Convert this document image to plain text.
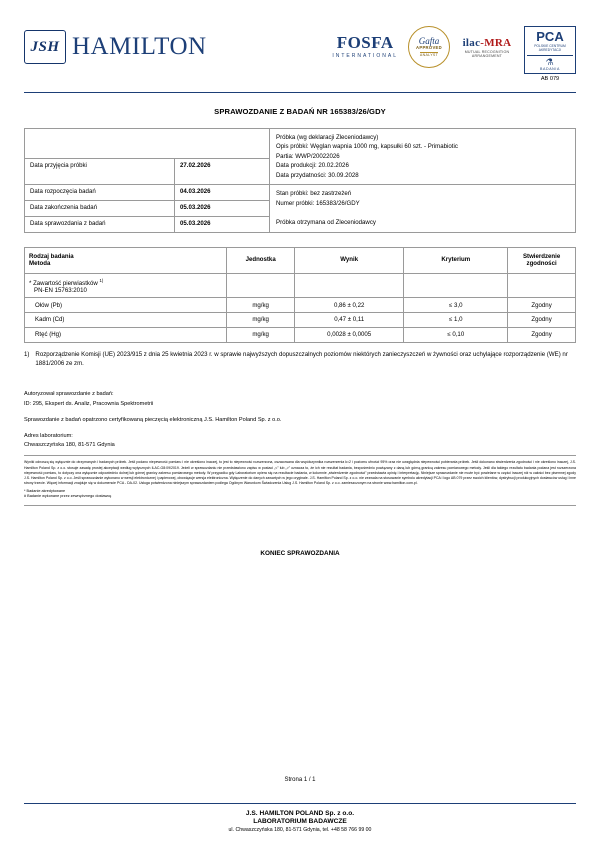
JSH HAMILTON	FOSFA
INTERNATIONAL
Gafta
APPROVED
ANALYST
ilac-MRA
MUTUAL RECOGNITION ARRANGEMENT
PCA
POLSKIE CENTRUM AKREDYTACJI
⚗
BADANIA
AB 079
SPRAWOZDANIE Z BADAŃ NR 165383/26/GDY

		Próbka (wg deklaracji Zleceniodawcy)
Opis próbki: Węglan wapnia 1000 mg, kapsułki 60 szt. - Primabiotic
Partia: WWP/20022026
Data produkcji: 20.02.2026
Data przydatności: 30.09.2028

Data przyjęcia próbki	27.02.2026	
Data rozpoczęcia badań	04.03.2026	Stan próbki: bez zastrzeżeń
Numer próbki: 165383/26/GDY
Próbka otrzymana od Zleceniodawcy

Data zakończenia badań	05.03.2026	
Data sprawozdania z badań	05.03.2026	
Rodzaj badania
Metoda
	Jednostka	Wynik	Kryterium	
Stwierdzenie
zgodności

* Zawartość pierwiastków $^{1)}$
PN-EN 15763:2010				

Ołów (Pb)	mg/kg	0,86 ± 0,22	≤ 3,0	Zgodny
Kadm (Cd)	mg/kg	0,47 ± 0,11	≤ 1,0	Zgodny
Rtęć (Hg)	mg/kg	0,0028 ± 0,0005	≤ 0,10	Zgodny
1) Rozporządzenie Komisji (UE) 2023/915 z dnia 25 kwietnia 2023 r. w sprawie najwyższych dopuszczalnych poziomów niektórych zanieczyszczeń w żywności oraz uchylające rozporządzenie (WE) nr 1881/2006 ze zm.
Autoryzował sprawozdanie z badań:
ID: 295, Ekspert ds. Analiz, Pracownia Spektrometrii
Sprawozdanie z badań opatrzono certyfikowaną pieczęcią elektroniczną J.S. Hamilton Poland Sp. z o.o.
Adres laboratorium:
Chwaszczyńska 180, 81-571 Gdynia
Wyniki odnoszą się wyłącznie do otrzymanych i badanych próbek. Jeśli podano niepewność pomiaru i nie określono inaczej, to jest to niepewność rozszerzona, oszacowana dla współczynnika rozszerzenia k=2 i poziomu ufności 95% oraz nie uwzględnia niepewności pobierania próbek. Jeśli dokonano stwierdzenia zgodności i nie określono inaczej, J.S. Hamilton Poland Sp. z o.o. stosuje zasadę prostej akceptacji według wytycznych ILAC-G8:09/2019. Jeżeli w sprawozdaniu nie przedstawiono zapisu w postaci „<" lub „>" oznacza to, że ich nie rezultat badania, bezpośrednio powiązany z daną lub górną granicą zakresu pomiarowego metody. Jeśli dla takiego rezultatu badania podana jest rozszerzona niepewność pomiaru, to dotyczy ona wyłącznie odpowiednio dolnej lub górnej granicy zakresu pomiarowego metody. W przypadku gdy Laboratorium opiera się na rezultacie badania, w kolumnie „stwierdzenie zgodności" przedstawia opinię i interpretację. Niniejsze sprawozdanie nie może być powielane w części inaczej niż w całości bez pisemnej zgody J.S. Hamilton Poland Sp. z o.o. Jeśli sprawozdanie wykonano w wersji elektronicznej i papierowej, obowiązuje wersja elektroniczna. Wyłączenie do danych zawartych w jego oryginale. J.S. Hamilton Poland Sp. z o.o. nie zezwala na stosowanie symbolu akredytacji PCA i logo AB 079 przez swoich klientów, dystrybucji produkcyjnych dostawców usług i inne strony trzecie. Więcej informacji znajduje się w dokumencie PCA - DA-02. Usługa potwierdzona niniejszym sprawozdaniem podlega Ogólnym Warunkom Świadczenia Usług J.S. Hamilton Poland Sp. z o.o. zamieszczonym na stronie www.hamilton.com.pl.
* Badanie akredytowane
# Badanie wykonane przez zewnętrznego dostawcę
KONIEC SPRAWOZDANIA
Strona 1 / 1
J.S. HAMILTON POLAND Sp. z o.o.
LABORATORIUM BADAWCZE
ul. Chwaszczyńska 180, 81-571 Gdynia, tel. +48 58 766 99 00
